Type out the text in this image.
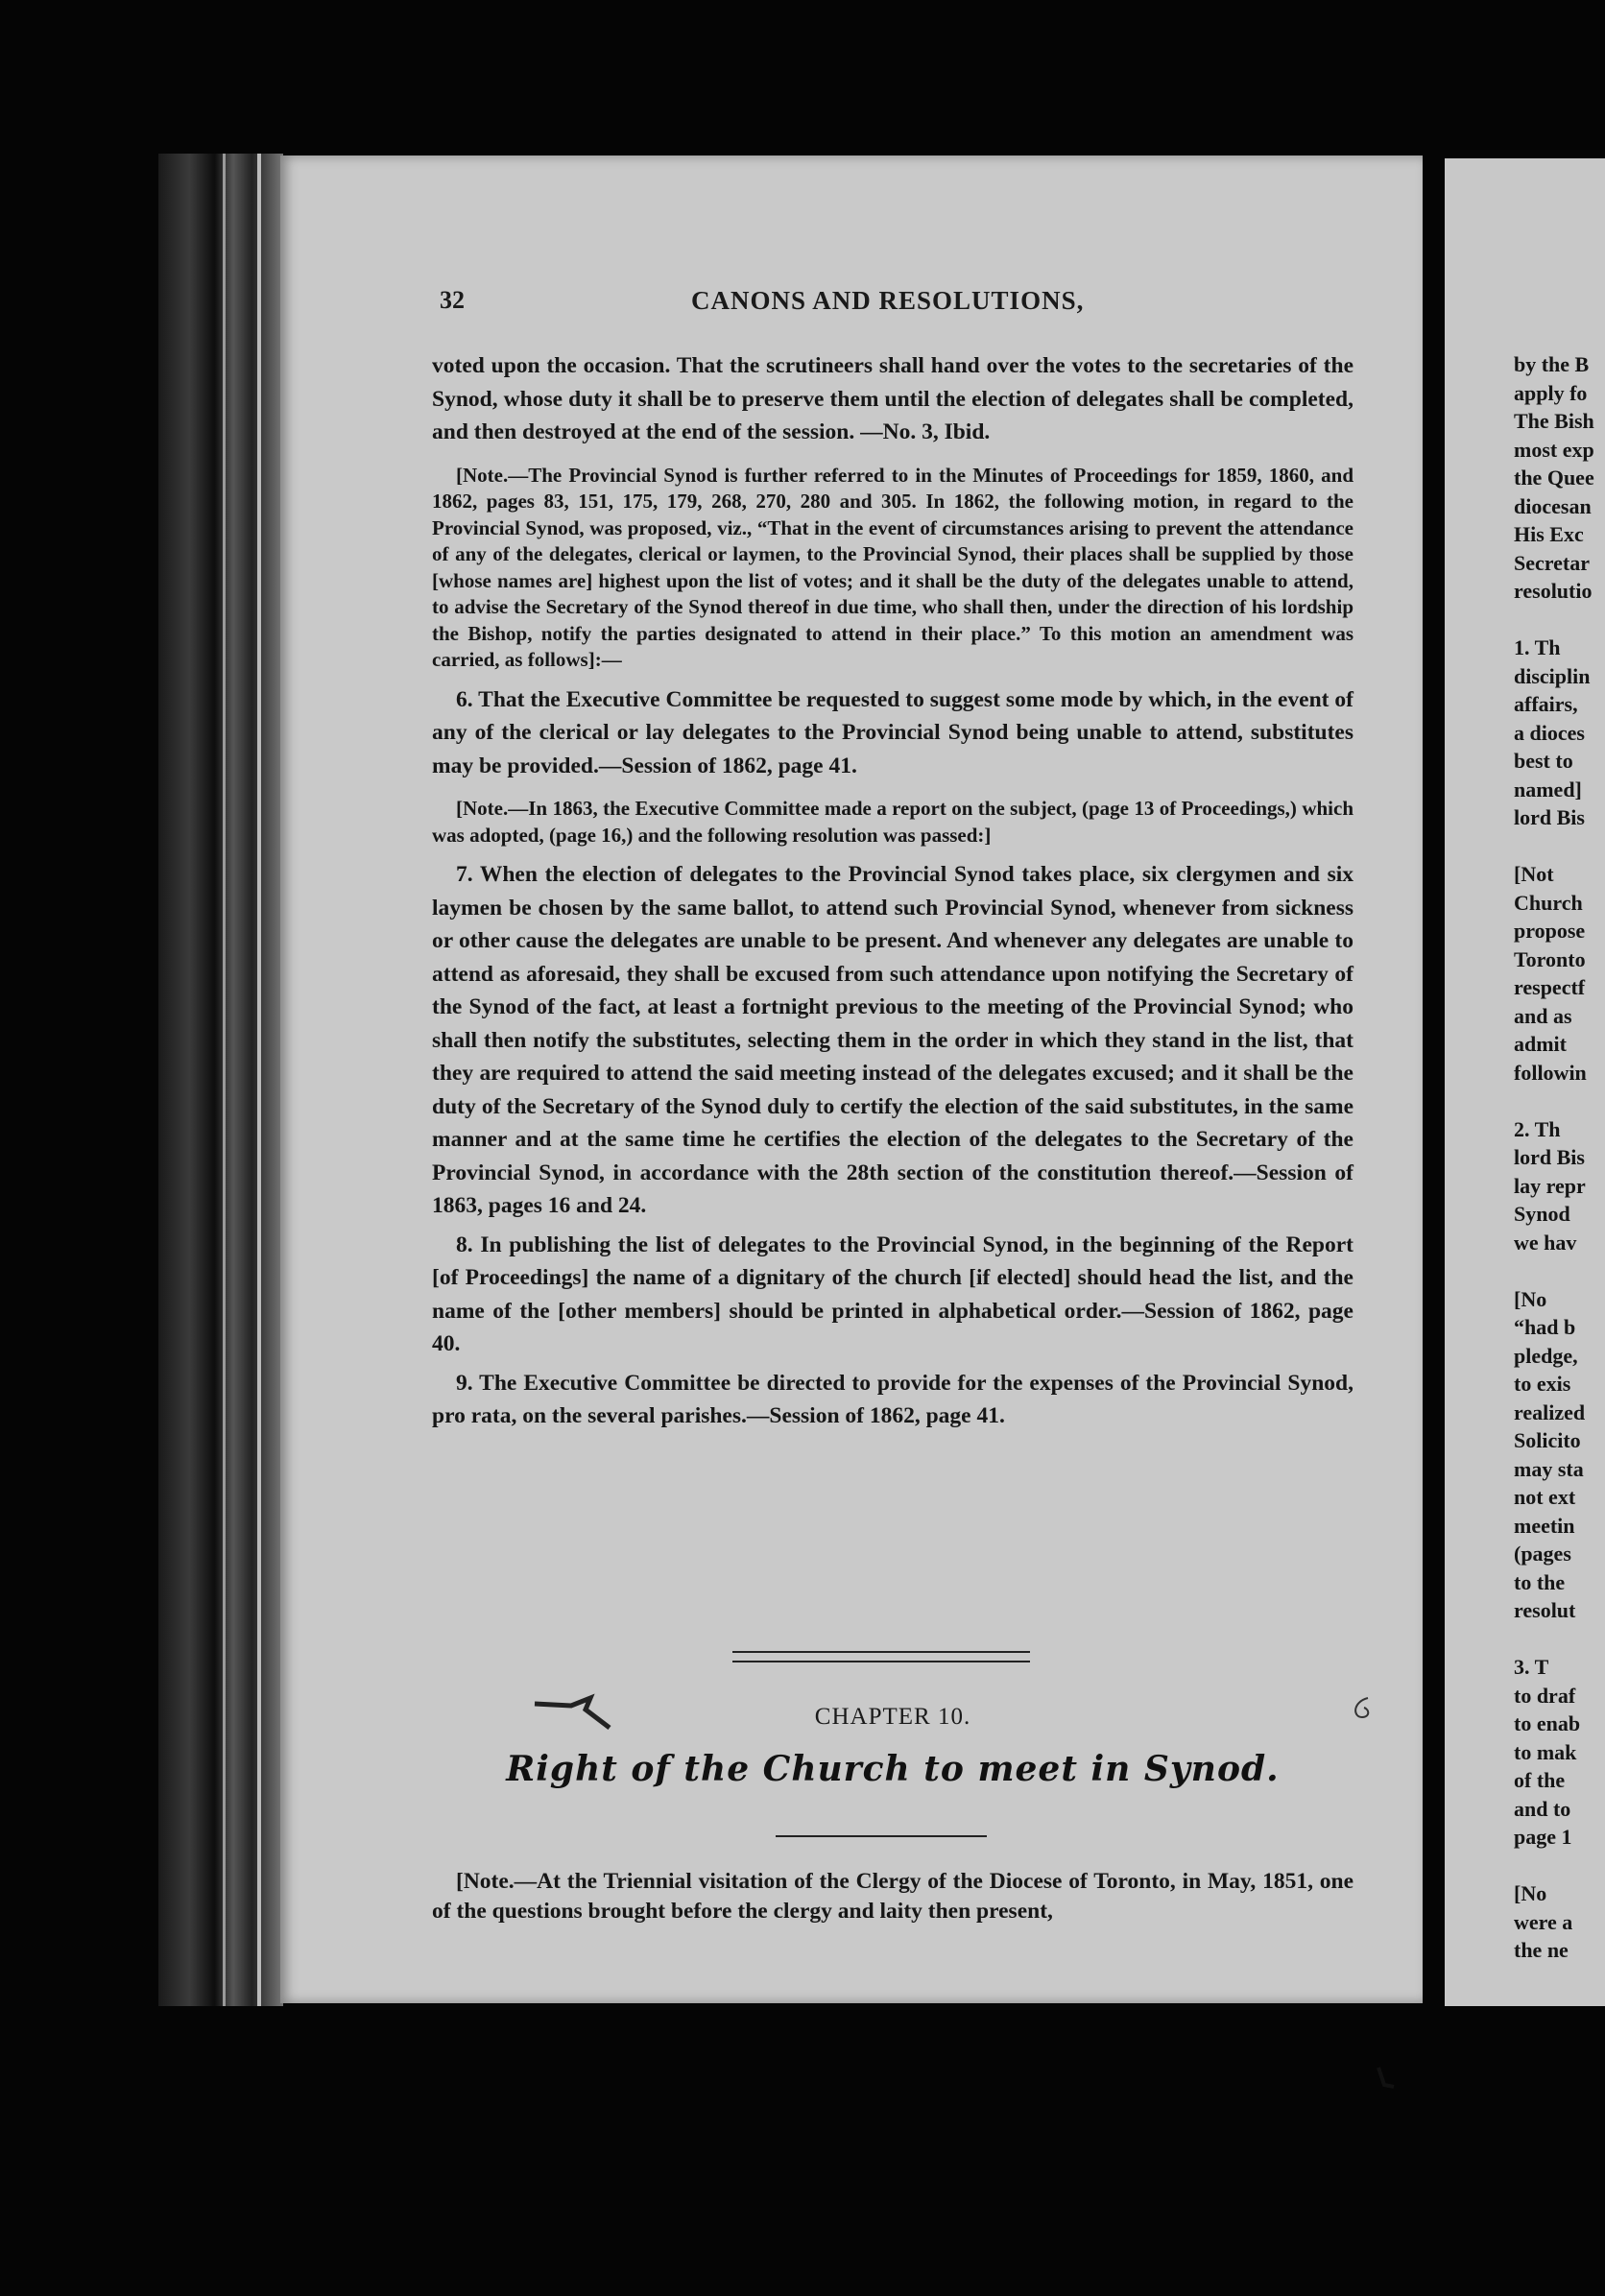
by the B
apply fo
The Bish
most exp
the Quee
diocesan
His Exc
Secretar
resolutio
1. Th
disciplin
affairs,
a dioces
best to
named]
lord Bis
[Not
Church
propose
Toronto
respectf
and as
admit
followin
2. Th
lord Bis
lay repr
Synod
we hav
[No
“had b
pledge,
to exis
realized
Solicito
may sta
not ext
meetin
(pages
to the
resolut
3. T
to draf
to enab
to mak
of the
and to
page 1
[No
were a
the ne
32	CANONS AND RESOLUTIONS,

voted upon the occasion. That the scrutineers shall hand over the votes to the secretaries of the Synod, whose duty it shall be to preserve them until the election of delegates shall be completed, and then destroyed at the end of the session. —No. 3, Ibid.

[Note.—The Provincial Synod is further referred to in the Minutes of Proceedings for 1859, 1860, and 1862, pages 83, 151, 175, 179, 268, 270, 280 and 305. In 1862, the following motion, in regard to the Provincial Synod, was proposed, viz., “That in the event of circumstances arising to prevent the attendance of any of the delegates, clerical or laymen, to the Provincial Synod, their places shall be supplied by those [whose names are] highest upon the list of votes; and it shall be the duty of the delegates unable to attend, to advise the Secretary of the Synod thereof in due time, who shall then, under the direction of his lordship the Bishop, notify the parties designated to attend in their place.” To this motion an amendment was carried, as follows]:—

6. That the Executive Committee be requested to suggest some mode by which, in the event of any of the clerical or lay delegates to the Provincial Synod being unable to attend, substitutes may be provided.—Session of 1862, page 41.

[Note.—In 1863, the Executive Committee made a report on the subject, (page 13 of Proceedings,) which was adopted, (page 16,) and the following resolution was passed:]

7. When the election of delegates to the Provincial Synod takes place, six clergymen and six laymen be chosen by the same ballot, to attend such Provincial Synod, whenever from sickness or other cause the delegates are unable to be present. And whenever any delegates are unable to attend as aforesaid, they shall be excused from such attendance upon notifying the Secretary of the Synod of the fact, at least a fortnight previous to the meeting of the Provincial Synod; who shall then notify the substitutes, selecting them in the order in which they stand in the list, that they are required to attend the said meeting instead of the delegates excused; and it shall be the duty of the Secretary of the Synod duly to certify the election of the said substitutes, in the same manner and at the same time he certifies the election of the delegates to the Secretary of the Provincial Synod, in accordance with the 28th section of the constitution thereof.—Session of 1863, pages 16 and 24.

8. In publishing the list of delegates to the Provincial Synod, in the beginning of the Report [of Proceedings] the name of a dignitary of the church [if elected] should head the list, and the name of the [other members] should be printed in alphabetical order.—Session of 1862, page 40.

9. The Executive Committee be directed to provide for the expenses of the Provincial Synod, pro rata, on the several parishes.—Session of 1862, page 41.

CHAPTER 10.
Right of the Church to meet in Synod.
[Note.—At the Triennial visitation of the Clergy of the Diocese of Toronto, in May, 1851, one of the questions brought before the clergy and laity then present,
